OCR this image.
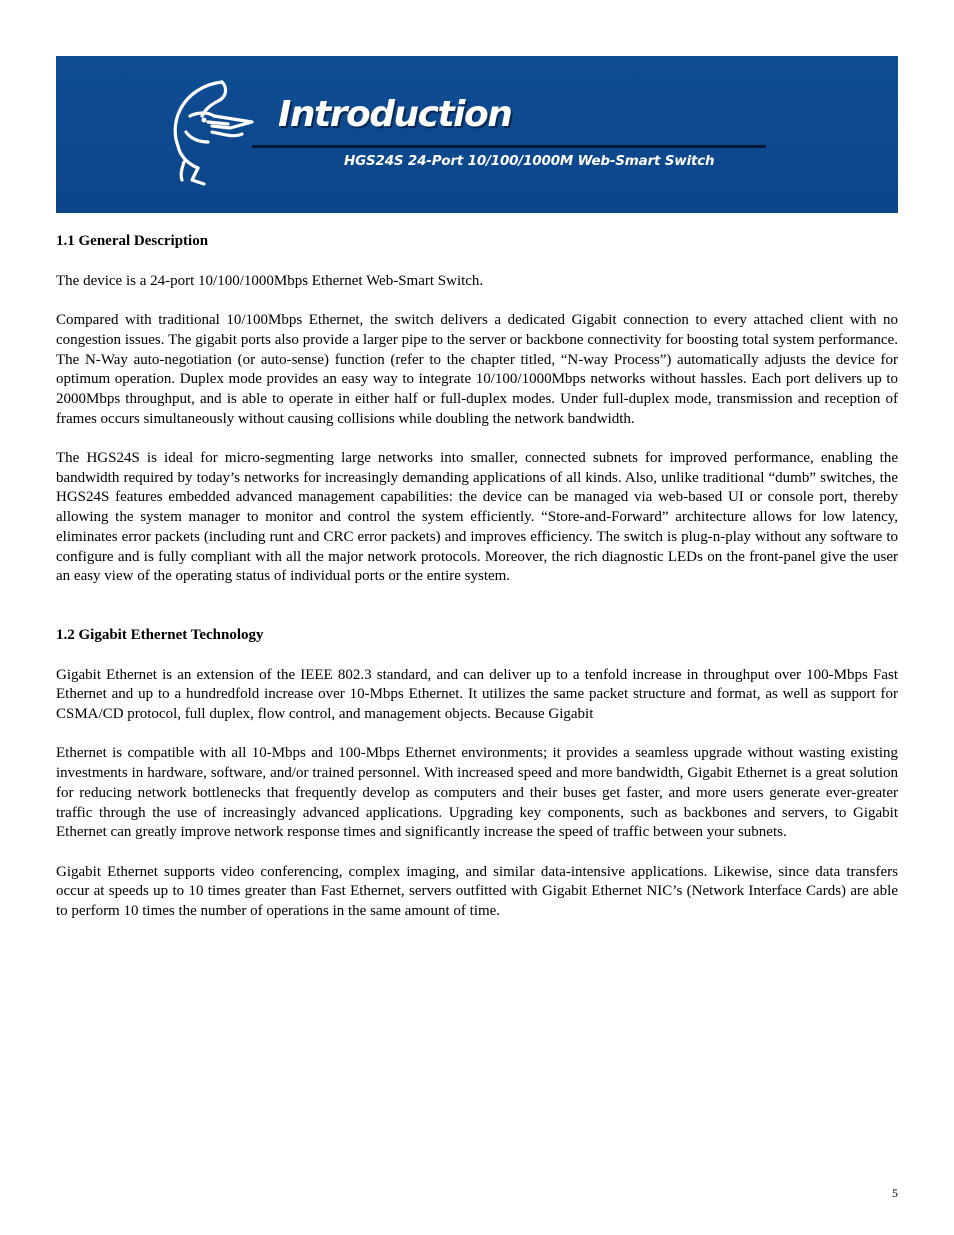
Introduction
HGS24S 24-Port 10/100/1000M Web-Smart Switch
1.1 General Description

The device is a 24-port 10/100/1000Mbps Ethernet Web-Smart Switch.

Compared with traditional 10/100Mbps Ethernet, the switch delivers a dedicated Gigabit connection to every attached client with no congestion issues. The gigabit ports also provide a larger pipe to the server or backbone connectivity for boosting total system performance. The N-Way auto-negotiation (or auto-sense) function (refer to the chapter titled, “N-way Process”) automatically adjusts the device for optimum operation. Duplex mode provides an easy way to integrate 10/100/1000Mbps networks without hassles. Each port delivers up to 2000Mbps throughput, and is able to operate in either half or full-duplex modes. Under full-duplex mode, transmission and reception of frames occurs simultaneously without causing collisions while doubling the network bandwidth.

The HGS24S is ideal for micro-segmenting large networks into smaller, connected subnets for improved performance, enabling the bandwidth required by today’s networks for increasingly demanding applications of all kinds. Also, unlike traditional “dumb” switches, the HGS24S features embedded advanced management capabilities: the device can be managed via web-based UI or console port, thereby allowing the system manager to monitor and control the system efficiently. “Store-and-Forward” architecture allows for low latency, eliminates error packets (including runt and CRC error packets) and improves efficiency. The switch is plug-n-play without any software to configure and is fully compliant with all the major network protocols. Moreover, the rich diagnostic LEDs on the front-panel give the user an easy view of the operating status of individual ports or the entire system.

1.2 Gigabit Ethernet Technology

Gigabit Ethernet is an extension of the IEEE 802.3 standard, and can deliver up to a tenfold increase in throughput over 100-Mbps Fast Ethernet and up to a hundredfold increase over 10-Mbps Ethernet. It utilizes the same packet structure and format, as well as support for CSMA/CD protocol, full duplex, flow control, and management objects. Because Gigabit

Ethernet is compatible with all 10-Mbps and 100-Mbps Ethernet environments; it provides a seamless upgrade without wasting existing investments in hardware, software, and/or trained personnel. With increased speed and more bandwidth, Gigabit Ethernet is a great solution for reducing network bottlenecks that frequently develop as computers and their buses get faster, and more users generate ever-greater traffic through the use of increasingly advanced applications. Upgrading key components, such as backbones and servers, to Gigabit Ethernet can greatly improve network response times and significantly increase the speed of traffic between your subnets.

Gigabit Ethernet supports video conferencing, complex imaging, and similar data-intensive applications. Likewise, since data transfers occur at speeds up to 10 times greater than Fast Ethernet, servers outfitted with Gigabit Ethernet NIC’s (Network Interface Cards) are able to perform 10 times the number of operations in the same amount of time.

5
